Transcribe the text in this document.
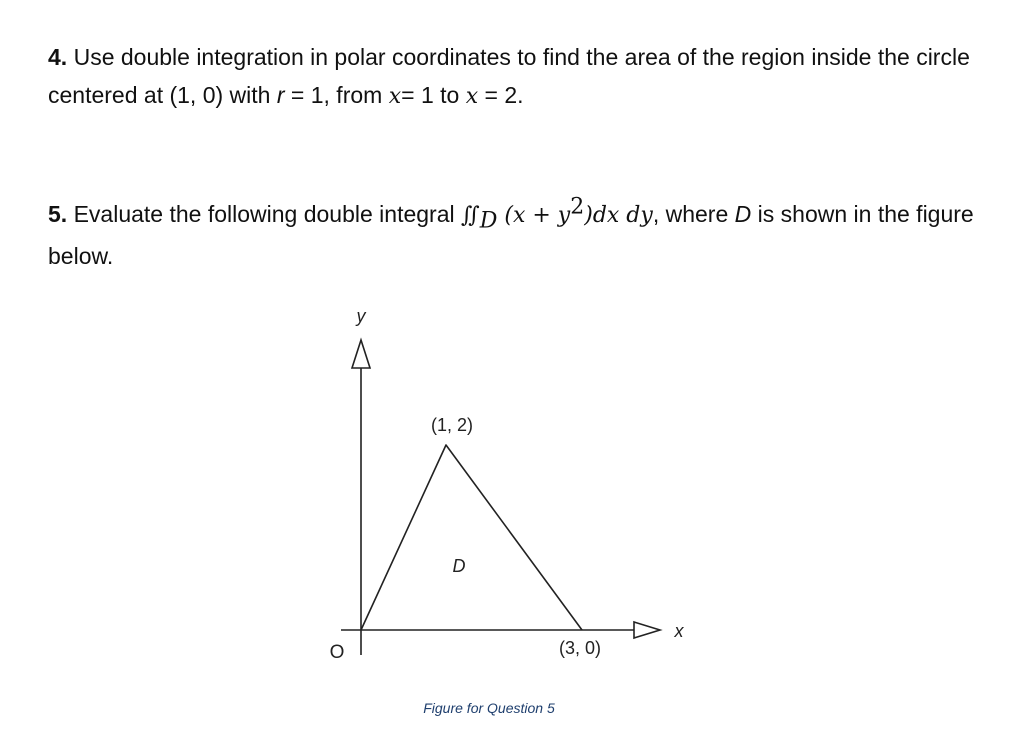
4. Use double integration in polar coordinates to find the area of the region inside the circle centered at (1, 0) with r = 1, from x= 1 to x = 2.
5. Evaluate the following double integral $∬_D$ $(x + y^2)dx$ dy, where D is shown in the figure below.
y
x
O
(1, 2)
(3, 0)
D
Figure for Question 5
